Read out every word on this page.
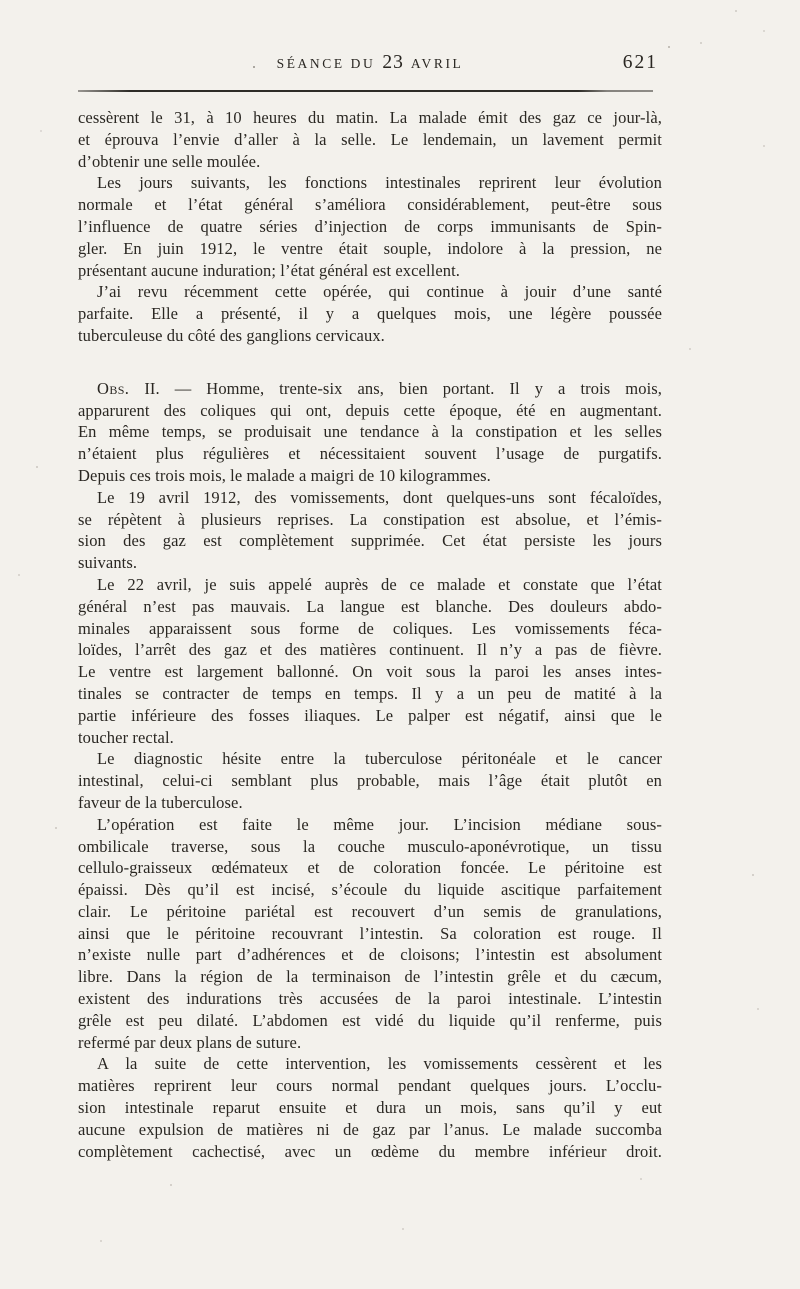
SÉANCE DU 23 AVRIL	621
cessèrent le 31, à 10 heures du matin. La malade émit des gaz ce jour-là,
et éprouva l’envie d’aller à la selle. Le lendemain, un lavement permit
d’obtenir une selle moulée.
Les jours suivants, les fonctions intestinales reprirent leur évolution
normale et l’état général s’améliora considérablement, peut-être sous
l’influence de quatre séries d’injection de corps immunisants de Spin-
gler. En juin 1912, le ventre était souple, indolore à la pression, ne
présentant aucune induration; l’état général est excellent.
J’ai revu récemment cette opérée, qui continue à jouir d’une santé
parfaite. Elle a présenté, il y a quelques mois, une légère poussée
tuberculeuse du côté des ganglions cervicaux.
Obs. II. — Homme, trente-six ans, bien portant. Il y a trois mois,
apparurent des coliques qui ont, depuis cette époque, été en augmentant.
En même temps, se produisait une tendance à la constipation et les selles
n’étaient plus régulières et nécessitaient souvent l’usage de purgatifs.
Depuis ces trois mois, le malade a maigri de 10 kilogrammes.
Le 19 avril 1912, des vomissements, dont quelques-uns sont fécaloïdes,
se répètent à plusieurs reprises. La constipation est absolue, et l’émis-
sion des gaz est complètement supprimée. Cet état persiste les jours
suivants.
Le 22 avril, je suis appelé auprès de ce malade et constate que l’état
général n’est pas mauvais. La langue est blanche. Des douleurs abdo-
minales apparaissent sous forme de coliques. Les vomissements féca-
loïdes, l’arrêt des gaz et des matières continuent. Il n’y a pas de fièvre.
Le ventre est largement ballonné. On voit sous la paroi les anses intes-
tinales se contracter de temps en temps. Il y a un peu de matité à la
partie inférieure des fosses iliaques. Le palper est négatif, ainsi que le
toucher rectal.
Le diagnostic hésite entre la tuberculose péritonéale et le cancer
intestinal, celui-ci semblant plus probable, mais l’âge était plutôt en
faveur de la tuberculose.
L’opération est faite le même jour. L’incision médiane sous-
ombilicale traverse, sous la couche musculo-aponévrotique, un tissu
cellulo-graisseux œdémateux et de coloration foncée. Le péritoine est
épaissi. Dès qu’il est incisé, s’écoule du liquide ascitique parfaitement
clair. Le péritoine pariétal est recouvert d’un semis de granulations,
ainsi que le péritoine recouvrant l’intestin. Sa coloration est rouge. Il
n’existe nulle part d’adhérences et de cloisons; l’intestin est absolument
libre. Dans la région de la terminaison de l’intestin grêle et du cæcum,
existent des indurations très accusées de la paroi intestinale. L’intestin
grêle est peu dilaté. L’abdomen est vidé du liquide qu’il renferme, puis
refermé par deux plans de suture.
A la suite de cette intervention, les vomissements cessèrent et les
matières reprirent leur cours normal pendant quelques jours. L’occlu-
sion intestinale reparut ensuite et dura un mois, sans qu’il y eut
aucune expulsion de matières ni de gaz par l’anus. Le malade succomba
complètement cachectisé, avec un œdème du membre inférieur droit.
